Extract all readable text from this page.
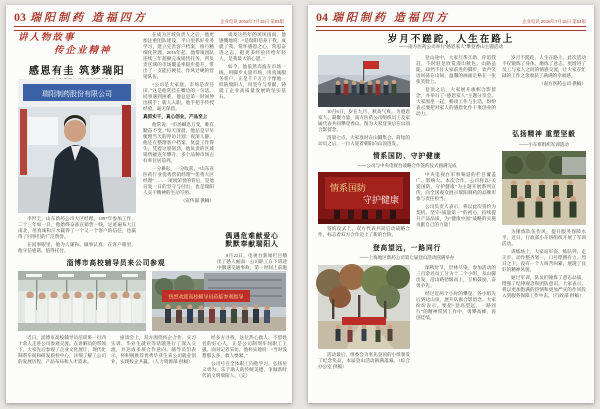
03 瑞阳制药 造福四方	企业电讯 2018年7月15日 第03版
讲人物故事
传企业精神
感恩有圭 筑梦瑞阳
瑞阳制药股份有限公司

李世圭，山东新药公司大区经理。1997年参加工作，二十三年如一日，他始终奋战在销售一线，足迹遍布大江南北，用真诚和汗水赢得了一个又一个客户的信任，也赢得了同事们的广泛赞誉。

在同事眼里，他为人谦和、做事认真；在客户眼里，他守信重诺、值得托付。

在成为区域负责人之后，他更加注重团队建设，平日里抓好业务学习，建立完善客户档案，推行精细化管理。2016年起，他带领团队连续三年超额完成销售任务，所负责区域的市场覆盖率稳步提升，带出了一支能打硬仗、作风过硬的营销队伍。

“公司是大家庭，市场是责任田。”这是他常挂在嘴边的一句话。同事遇到困难，他总是第一时间伸出援手；新人入职，他手把手传授经验，毫无保留。

真抓实干，真心创业，产品至上

他常说：“市场瞬息万变，唯有勤奋不变。”每天清晨，他总是早早梳理当天的拜访计划；夜深人静，他还在整理客户档案、复盘工作得失。凭着这股韧劲，他负责的区域销售额连年攀升，多个品种市场占有率位居前列。

一分耕耘，一分收获。“山东省医药行业优秀营销经理”“优秀大区经理”……一项项荣誉的背后，是他日复一日的坚守与付出，也是瑞阳人实干精神的生动写照。

（宣传部 供稿）

谈及这些年的风风雨雨，他感慨地说：“是瑞阳培养了我，成就了我。常怀感恩之心，常思奋进之志，把更多经验传给年轻人，是我最大的心愿。”

如今，他依然奔波在市场一线，用脚步丈量市场，用真诚服务客户。正是千千万万个像他一样的瑞阳人，用坚守与奉献，铸就了企业高质量发展的坚实基石。

偶遇危难献爱心
默默奉献瑞阳人

8月22日，电视台新闻栏目播出了感人画面：公司职工在下班途中偶遇交通事故，第一时间上前施

淄博市高校辅导员来公司参观
热烈欢迎高校辅导员莅临参观指导

近日，淄博市高校辅导员培训班一行四十余人走进公司参观交流。在讲解员的带领下，大家先后参观了企业文化展厅、现代化制剂车间和研发质检中心，详细了解了公司的发展历程、产品布局和人才需求。

座谈会上，双方围绕校企合作、实习实训、毕业生就业等话题进行了深入交流，并达成多项合作意向。辅导员们表示，将积极推荐优秀毕业生来公司就业创业，实现校企共赢。（人力资源部 供稿）

经多方寻找，这位热心救人、不留姓名的好心人，正是公司制剂车间职工王强。面对记者采访，他朴实地说：“当时没想那么多，救人要紧。”

公司号召全体职工向他学习，弘扬见义勇为、乐于助人的传统美德，争做新时代的文明瑞阳人。（完）

04 瑞阳制药 造福四方	企业电讯 2018年7月15日 第04版
岁月不蹉跎，人生在路上
——南方医药公司举行“感恩家人”攀登香山主题活动

10月6日，岁在九月、秋高气爽。为感恩家人、凝聚力量，南方医药公司组织员工及家属代表共同攀登香山。图为大家登顶后在山顶合影留念。

清晨七点，大家准时在山脚集合。简短的动员之后，一行人迎着朝阳向山顶进发。

登山途中，大家互帮互助、你追我赶，不时驻足欣赏漫山秋色。山路虽陡，却挡不住大家前进的脚步，欢声笑语回荡在山间，温馨的画面定格在一张张笑脸上。

登顶之后，大家展开旗帜合影留念，并举行了“感恩家人”主题分享会。大家围坐一起，畅谈工作与生活，纷纷表示要把对家人的感恩化作干事创业的动力。

岁月不蹉跎，人生在路上。此次活动不仅锻炼了身体、磨炼了意志，更增进了员工与家人之间的情感交流，让大家在忙碌的工作之余收获了满满的幸福感。

（南方医药公司 供稿）

情系国防、守护健康
——公司与中央电视台战略合作签约仪式圆满完成
情系国防
守护健康

签约仪式上，双方代表共同启动战略合作，标志着双方合作迈上了新的台阶。

中央电视台军事频道的栏目覆盖广、影响大。本次合作，公司将以“关爱国防、守护健康”为主题开展系列宣传，向全国观众展示瑞阳制药的品牌形象与责任担当。

公司负责人表示，将以此次签约为契机，坚守“质量第一”的初心，持续提升产品品质，为“健康中国”战略的实施贡献自己的力量！

登高望远，一路同行
——上海地区新药公司第七届登山活动圆满举办

活动最后，组委会为率先登顶的小组颁发了纪念奖品，本届登山活动圆满落幕。（综合办公室 供稿）

深秋时节，层林尽染。参加活动的三百余名员工分为十二个小组，从山脚出发，沿山路拾级而上，互相鼓励，奋勇争先。

经过近两个小时的攀登，各小组先后到达山顶，展开队旗合影留念。大家纷纷表示，要把“登高望远、一路同行”的精神带到工作中，勇攀高峰，再创佳绩。

弘扬精神 重塑坚毅
——小车班组织军训活动

为锤炼队伍作风，提升服务保障水平，近日，行政部小车班组织开展了军训活动。

训练场上，大家站军姿、练队列、走正步，动作整齐划一，口号铿锵有力。烈日之下，没有一个人叫苦叫累，展现了良好的精神风貌。

通过军训，队员们锤炼了意志品质，增强了纪律观念和团队意识。大家表示，将以更加饱满的热情和更加严实的作风投入到服务保障工作中去。（行政部 供稿）
